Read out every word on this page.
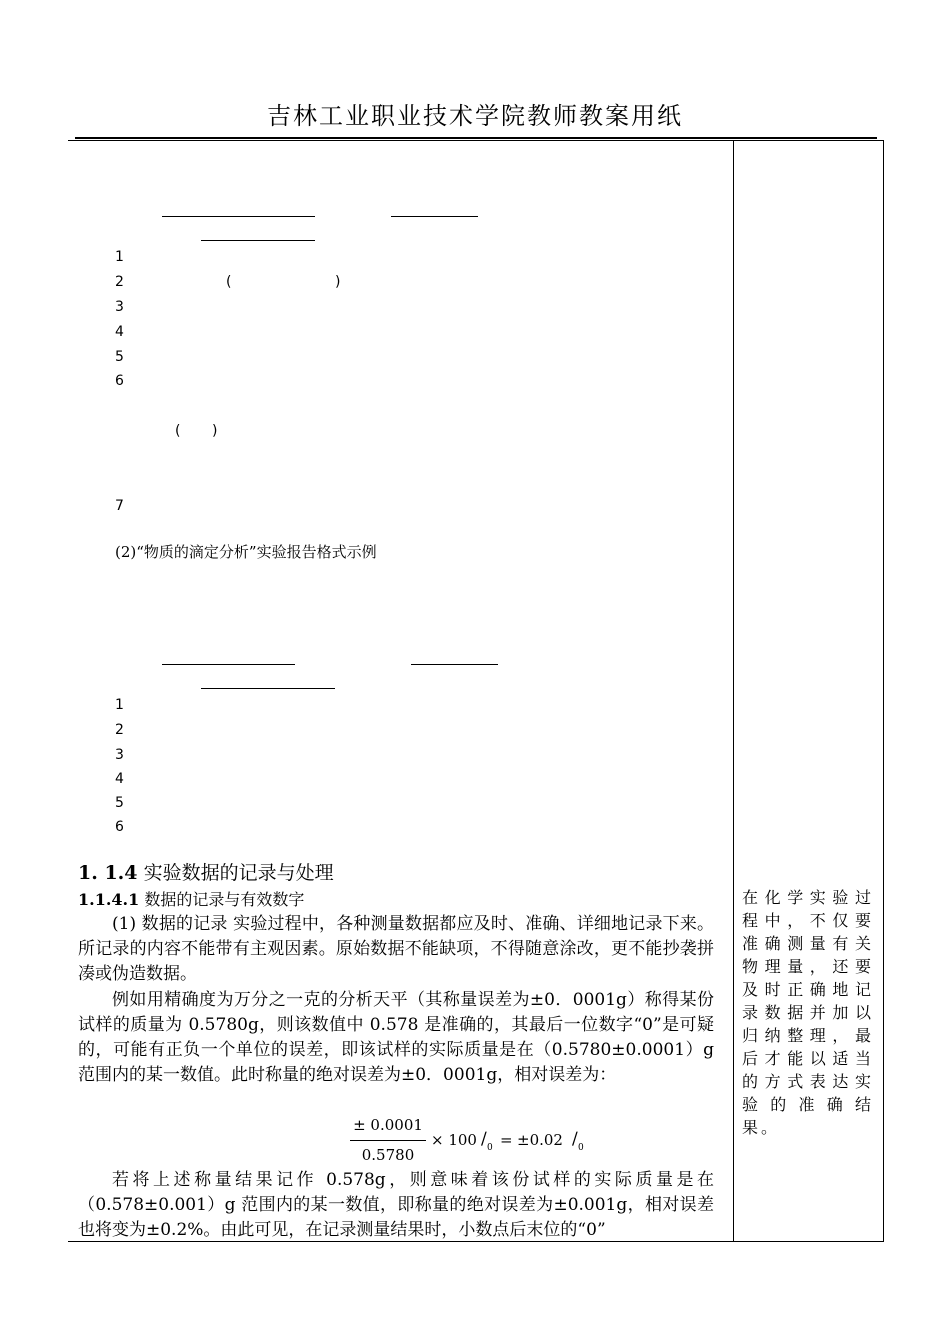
吉林工业职业技术学院教师教案用纸
1
2	(	)
3
4
5
6
( )
7
(2)“物质的滴定分析”实验报告格式示例
1
2
3
4
5
6
1. 1.4 实验数据的记录与处理
1.1.4.1 数据的记录与有效数字
(1) 数据的记录 实验过程中，各种测量数据都应及时、准确、详细地记录下来。所记录的内容不能带有主观因素。原始数据不能缺项，不得随意涂改，更不能抄袭拼凑或伪造数据。
例如用精确度为万分之一克的分析天平（其称量误差为±0．0001g）称得某份试样的质量为 0.5780g，则该数值中 0.578 是准确的，其最后一位数字“0”是可疑的，可能有正负一个单位的误差，即该试样的实际质量是在（0.5780±0.0001）g 范围内的某一数值。此时称量的绝对误差为±0．0001g，相对误差为：
± 0.0001
0.5780
× 100 ∕ 0 = ±0.02 ∕ 0
若将上述称量结果记作 0.578g，则意味着该份试样的实际质量是在（0.578±0.001）g 范围内的某一数值，即称量的绝对误差为±0.001g，相对误差也将变为±0.2%。由此可见，在记录测量结果时，小数点后末位的“0”
在化学实验过程中，不仅要准确测量有关物理量，还要及时正确地记录数据并加以归纳整理，最后才能以适当的方式表达实验的准确结果。
